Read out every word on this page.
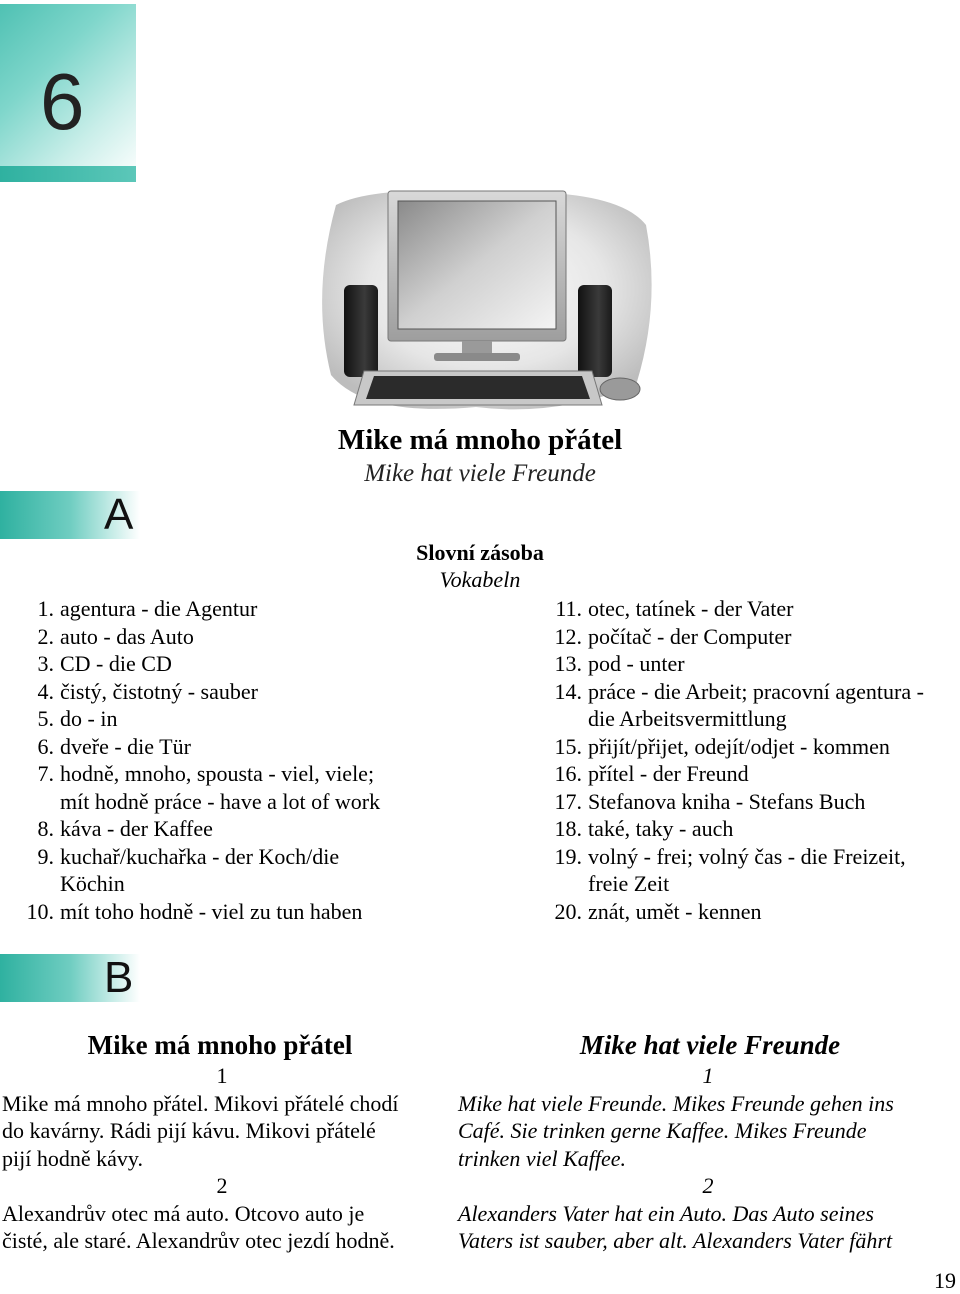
6
Mike má mnoho přátel
Mike hat viele Freunde
A
Slovní zásoba
Vokabeln
1. agentura - die Agentur
2. auto - das Auto
3. CD - die CD
4. čistý, čistotný - sauber
5. do - in
6. dveře - die Tür
7. hodně, mnoho, spousta - viel, viele;
mít hodně práce - have a lot of work
8. káva - der Kaffee
9. kuchař/kuchařka - der Koch/die
Köchin
10. mít toho hodně - viel zu tun haben
11. otec, tatínek - der Vater
12. počítač - der Computer
13. pod - unter
14. práce - die Arbeit; pracovní agentura -
die Arbeitsvermittlung
15. přijít/přijet, odejít/odjet - kommen
16. přítel - der Freund
17. Stefanova kniha - Stefans Buch
18. také, taky - auch
19. volný - frei; volný čas - die Freizeit,
freie Zeit
20. znát, umět - kennen
B
Mike má mnoho přátel	Mike hat viele Freunde

1

Mike má mnoho přátel. Mikovi přátelé chodí

do kavárny. Rádi pijí kávu. Mikovi přátelé

pijí hodně kávy.

2

Alexandrův otec má auto. Otcovo auto je

čisté, ale staré. Alexandrův otec jezdí hodně.

1

Mike hat viele Freunde. Mikes Freunde gehen ins

Café. Sie trinken gerne Kaffee. Mikes Freunde

trinken viel Kaffee.

2

Alexanders Vater hat ein Auto. Das Auto seines

Vaters ist sauber, aber alt. Alexanders Vater fährt

19
